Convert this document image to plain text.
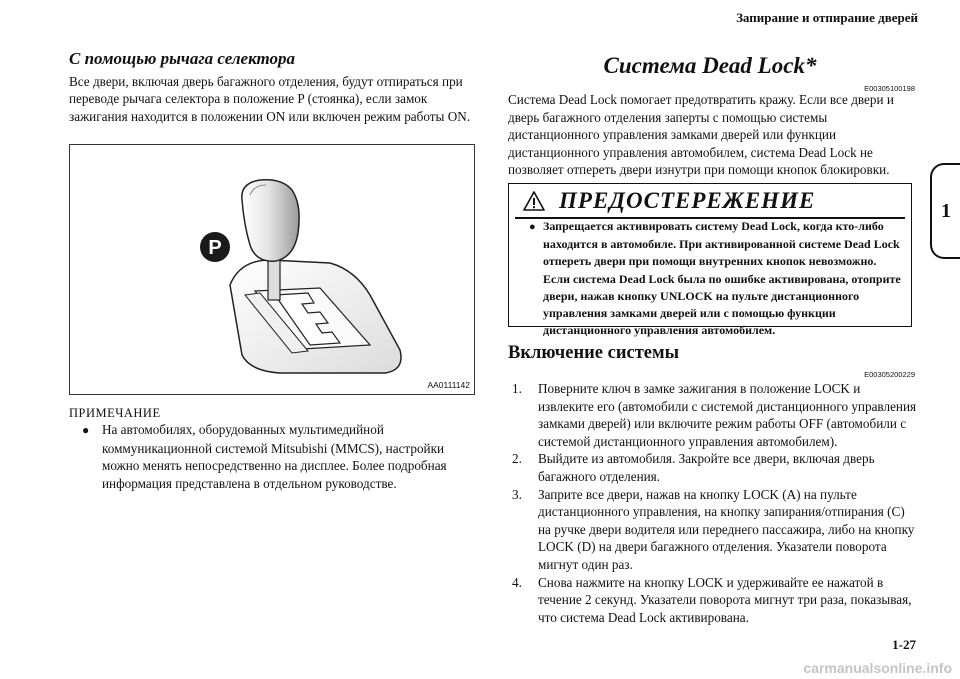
Запирание и отпирание дверей
1
С помощью рычага селектора
Все двери, включая дверь багажного отделения, будут отпираться при переводе рычага селектора в положение P (стоянка), если замок зажигания находится в положении ON или включен режим работы ON.
P
AA0111142
ПРИМЕЧАНИЕ
● На автомобилях, оборудованных мультимедийной коммуникационной системой Mitsubishi (MMCS), настройки можно менять непосредственно на дисплее. Более подробная информация представлена в отдельном руководстве.
Система Dead Lock*
E00305100198
Система Dead Lock помогает предотвратить кражу. Если все двери и дверь багажного отделения заперты с помощью системы дистанционного управления замками дверей или функции дистанционного управления автомобилем, система Dead Lock не позволяет отпереть двери изнутри при помощи кнопок блокировки.
ПРЕДОСТЕРЕЖЕНИЕ
● Запрещается активировать систему Dead Lock, когда кто-либо находится в автомобиле. При активированной системе Dead Lock отпереть двери при помощи внутренних кнопок невозможно. Если система Dead Lock была по ошибке активирована, отоприте двери, нажав кнопку UNLOCK на пульте дистанционного управления замками дверей или с помощью функции дистанционного управления автомобилем.
Включение системы
E00305200229
1.	Поверните ключ в замке зажигания в положение LOCK и извлеките его (автомобили с системой дистанционного управления замками дверей) или включите режим работы OFF (автомобили с системой дистанционного управления автомобилем).
2.	Выйдите из автомобиля. Закройте все двери, включая дверь багажного отделения.
3.	Заприте все двери, нажав на кнопку LOCK (A) на пульте дистанционного управления, на кнопку запирания/отпирания (C) на ручке двери водителя или переднего пассажира, либо на кнопку LOCK (D) на двери багажного отделения. Указатели поворота мигнут один раз.
4.	Снова нажмите на кнопку LOCK и удерживайте ее нажатой в течение 2 секунд. Указатели поворота мигнут три раза, показывая, что система Dead Lock активирована.
1-27
carmanualsonline.info
